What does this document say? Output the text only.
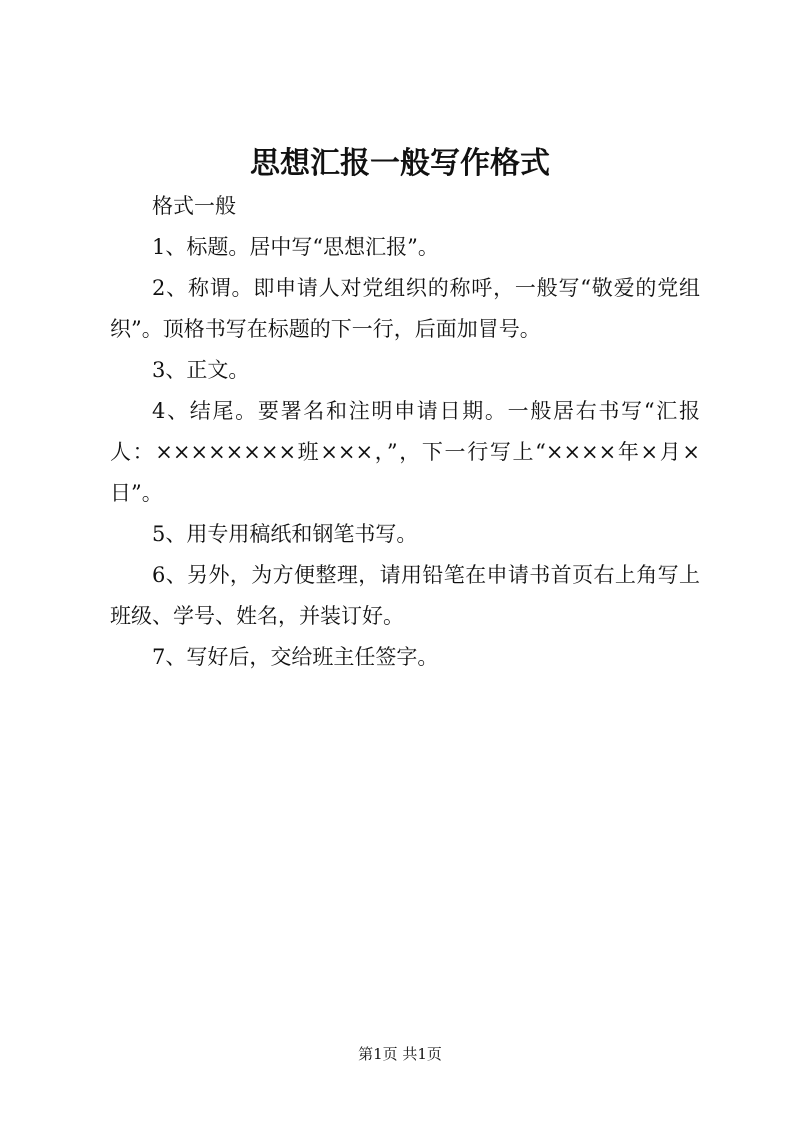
思想汇报一般写作格式

格式一般

1、标题。居中写“思想汇报”。

2、称谓。即申请人对党组织的称呼，一般写“敬爱的党组织”。顶格书写在标题的下一行，后面加冒号。

3、正文。

4、结尾。要署名和注明申请日期。一般居右书写“汇报人：××××××××班×××，”，下一行写上“××××年×月×日”。

5、用专用稿纸和钢笔书写。

6、另外，为方便整理，请用铅笔在申请书首页右上角写上班级、学号、姓名，并装订好。

7、写好后，交给班主任签字。

第1页 共1页
